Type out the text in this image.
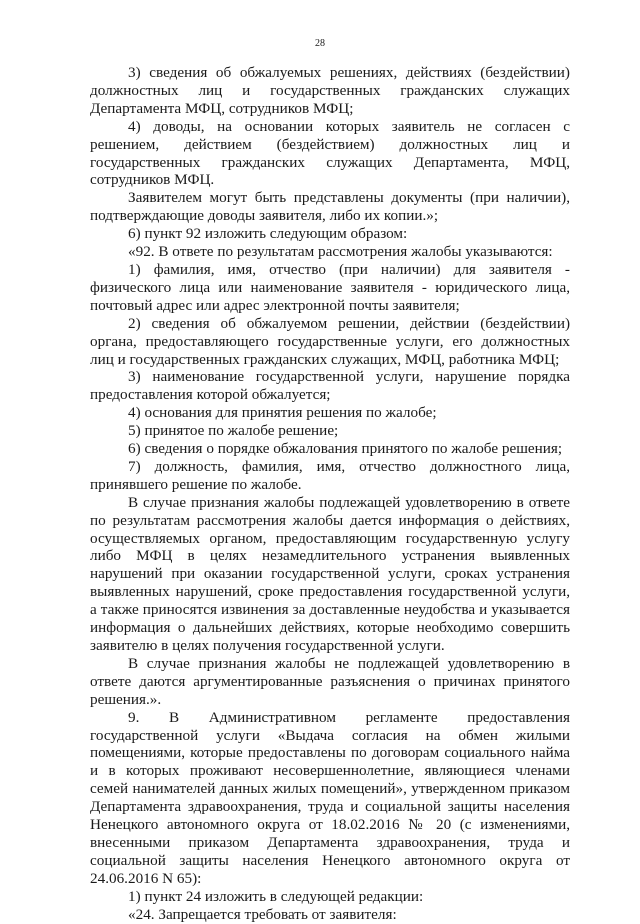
28

3) сведения об обжалуемых решениях, действиях (бездействии) должностных лиц и государственных гражданских служащих Департамента МФЦ, сотрудников МФЦ;

4) доводы, на основании которых заявитель не согласен с решением, действием (бездействием) должностных лиц и государственных гражданских служащих Департамента, МФЦ, сотрудников МФЦ.

Заявителем могут быть представлены документы (при наличии), подтверждающие доводы заявителя, либо их копии.»;

6) пункт 92 изложить следующим образом:

«92. В ответе по результатам рассмотрения жалобы указываются:

1) фамилия, имя, отчество (при наличии) для заявителя - физического лица или наименование заявителя - юридического лица, почтовый адрес или адрес электронной почты заявителя;

2) сведения об обжалуемом решении, действии (бездействии) органа, предоставляющего государственные услуги, его должностных лиц и государственных гражданских служащих, МФЦ, работника МФЦ;

3) наименование государственной услуги, нарушение порядка предоставления которой обжалуется;

4) основания для принятия решения по жалобе;

5) принятое по жалобе решение;

6) сведения о порядке обжалования принятого по жалобе решения;

7) должность, фамилия, имя, отчество должностного лица, принявшего решение по жалобе.

В случае признания жалобы подлежащей удовлетворению в ответе по результатам рассмотрения жалобы дается информация о действиях, осуществляемых органом, предоставляющим государственную услугу либо МФЦ в целях незамедлительного устранения выявленных нарушений при оказании государственной услуги, сроках устранения выявленных нарушений, сроке предоставления государственной услуги, а также приносятся извинения за доставленные неудобства и указывается информация о дальнейших действиях, которые необходимо совершить заявителю в целях получения государственной услуги.

В случае признания жалобы не подлежащей удовлетворению в ответе даются аргументированные разъяснения о причинах принятого решения.».

9. В Административном регламенте предоставления государственной услуги «Выдача согласия на обмен жилыми помещениями, которые предоставлены по договорам социального найма и в которых проживают несовершеннолетние, являющиеся членами семей нанимателей данных жилых помещений», утвержденном приказом Департамента здравоохранения, труда и социальной защиты населения Ненецкого автономного округа от 18.02.2016 № 20 (с изменениями, внесенными приказом Департамента здравоохранения, труда и социальной защиты населения Ненецкого автономного округа от 24.06.2016 N 65):

1) пункт 24 изложить в следующей редакции:

«24. Запрещается требовать от заявителя:
